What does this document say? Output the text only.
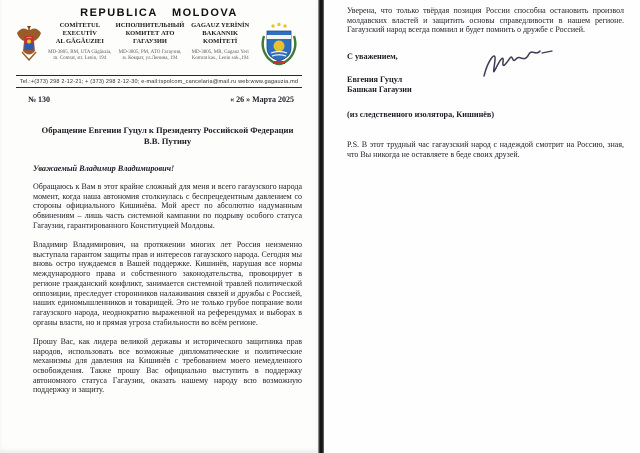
REPUBLICA MOLDOVA
COMİTETUL EXECUTİV
AL GĂGĂUZIEI
MD-3805, RM, UTA Găgăuzia,
m. Comrat, str. Lenin, 194
ИСПОЛНИТЕЛЬНЫЙ
КОМИТЕТ АТО ГАГАУЗИИ
MD-3805, PM, АТО Гагаузия,
м. Комрат, ул.Ленина, 194
GAGAUZ YERİNİN
BAKANNIK KOMİTETİ
MD-3805, MR, Gagauz Yeri
Komrat kas., Lenin sok.,194
Tel.:+(373) 298 2-12-21; + (373) 298 2-12-30; e-mail:ispolcom_cancelaria@mail.ru web:www.gagauzia.md
№ 130	« 26 » Марта 2025
Обращение Евгении Гуцул к Президенту Российской Федерации
В.В. Путину
Уважаемый Владимир Владимирович!

Обращаюсь к Вам в этот крайне сложный для меня и всего гагаузского народа момент, когда наша автономия столкнулась с беспрецедентным давлением со стороны официального Кишинёва. Мой арест по абсолютно надуманным обвинениям – лишь часть системной кампании по подрыву особого статуса Гагаузии, гарантированного Конституцией Молдовы.

Владимир Владимирович, на протяжении многих лет Россия неизменно выступала гарантом защиты прав и интересов гагаузского народа. Сегодня мы вновь остро нуждаемся в Вашей поддержке. Кишинёв, нарушая все нормы международного права и собственного законодательства, провоцирует в регионе гражданский конфликт, занимается системной травлей политической оппозиции, преследует сторонников налаживания связей и дружбы с Россией, наших единомышленников и товарищей. Это не только грубое попрание воли гагаузского народа, неоднократно выраженной на референдумах и выборах в органы власти, но и прямая угроза стабильности во всём регионе.

Прошу Вас, как лидера великой державы и исторического защитника прав народов, использовать все возможные дипломатические и политические механизмы для давления на Кишинёв с требованием моего немедленного освобождения. Также прошу Вас официально выступить в поддержку автономного статуса Гагаузии, оказать нашему народу всю возможную поддержку и защиту.

Уверена, что только твёрдая позиция России способна остановить произвол молдавских властей и защитить основы справедливости в нашем регионе. Гагаузский народ всегда помнил и будет помнить о дружбе с Россией.

С уважением,
Евгения Гуцул
Башкан Гагаузии
(из следственного изолятора, Кишинёв)

P.S. В этот трудный час гагаузский народ с надеждой смотрит на Россию, зная, что Вы никогда не оставляете в беде своих друзей.
